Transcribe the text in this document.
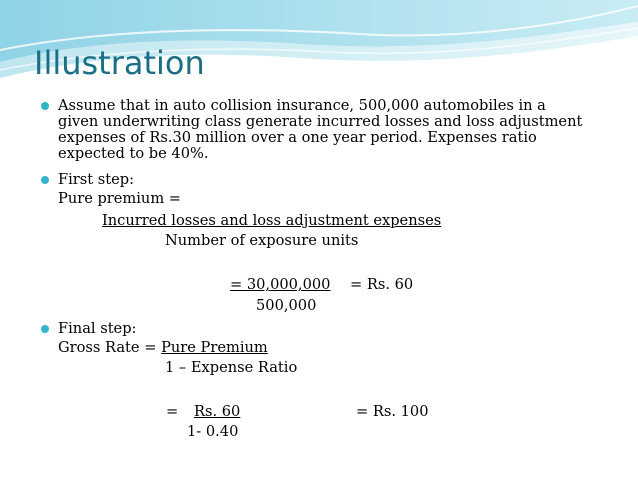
Illustration
Assume that in auto collision insurance, 500,000 automobiles in a
given underwriting class generate incurred losses and loss adjustment
expenses of Rs.30 million over a one year period. Expenses ratio
expected to be 40%.
First step:
Pure premium =
Incurred losses and loss adjustment expenses
Number of exposure units
= 30,000,000 = Rs. 60
500,000
Final step:
Gross Rate = Pure Premium
1 – Expense Ratio
= Rs. 60	= Rs. 100
1- 0.40
